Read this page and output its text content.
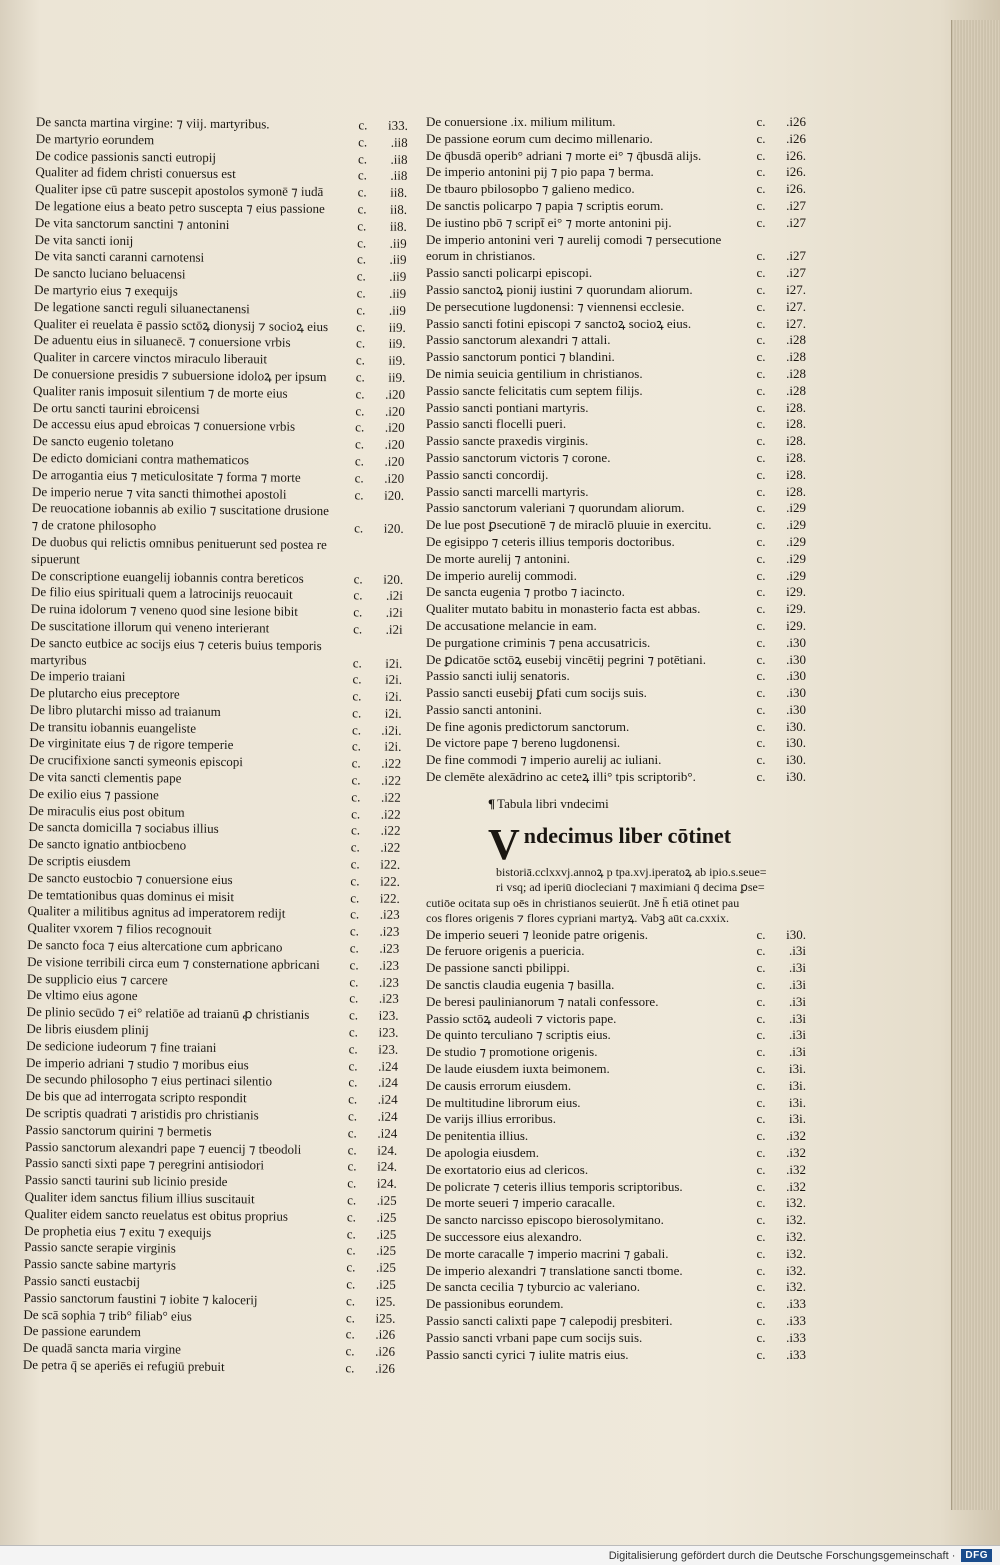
De sancta martina virgine: ⁊ viij. martyribus.	c.	i33.
De martyrio eorundem	c.	.ii8
De codice passionis sancti eutropij	c.	.ii8
Qualiter ad fidem christi conuersus est	c.	.ii8
Qualiter ipse cū patre suscepit apostolos symonē ⁊ iudā	c.	ii8.
De legatione eius a beato petro suscepta ⁊ eius passione	c.	ii8.
De vita sanctorum sanctini ⁊ antonini	c.	ii8.
De vita sancti ionij	c.	.ii9
De vita sancti caranni carnotensi	c.	.ii9
De sancto luciano beluacensi	c.	.ii9
De martyrio eius ⁊ exequijs	c.	.ii9
De legatione sancti reguli siluanectanensi	c.	.ii9
Qualiter ei reuelata ē passio sctōꝝ dionysij ⁊ socioꝝ eius	c.	ii9.
De aduentu eius in siluanecē. ⁊ conuersione vrbis	c.	ii9.
Qualiter in carcere vinctos miraculo liberauit	c.	ii9.
De conuersione presidis ⁊ subuersione idoloꝝ per ipsum	c.	ii9.
Qualiter ranis imposuit silentium ⁊ de morte eius	c.	.i20
De ortu sancti taurini ebroicensi	c.	.i20
De accessu eius apud ebroicas ⁊ conuersione vrbis	c.	.i20
De sancto eugenio toletano	c.	.i20
De edicto domiciani contra mathematicos	c.	.i20
De arrogantia eius ⁊ meticulositate ⁊ forma ⁊ morte	c.	.i20
De imperio nerue ⁊ vita sancti thimothei apostoli	c.	i20.
De reuocatione iobannis ab exilio ⁊ suscitatione drusione
⁊ de cratone philosopho	c.	i20.
De duobus qui relictis omnibus penituerunt sed postea re
sipuerunt
De conscriptione euangelij iobannis contra bereticos	c.	i20.
De filio eius spirituali quem a latrocinijs reuocauit	c.	.i2i
De ruina idolorum ⁊ veneno quod sine lesione bibit	c.	.i2i
De suscitatione illorum qui veneno interierant	c.	.i2i
De sancto eutbice ac socijs eius ⁊ ceteris buius temporis
martyribus	c.	i2i.
De imperio traiani	c.	i2i.
De plutarcho eius preceptore	c.	i2i.
De libro plutarchi misso ad traianum	c.	i2i.
De transitu iobannis euangeliste	c.	.i2i.
De virginitate eius ⁊ de rigore temperie	c.	i2i.
De crucifixione sancti symeonis episcopi	c.	.i22
De vita sancti clementis pape	c.	.i22
De exilio eius ⁊ passione	c.	.i22
De miraculis eius post obitum	c.	.i22
De sancta domicilla ⁊ sociabus illius	c.	.i22
De sancto ignatio antbiocbeno	c.	.i22
De scriptis eiusdem	c.	i22.
De sancto eustocbio ⁊ conuersione eius	c.	i22.
De temtationibus quas dominus ei misit	c.	i22.
Qualiter a militibus agnitus ad imperatorem redijt	c.	.i23
Qualiter vxorem ⁊ filios recognouit	c.	.i23
De sancto foca ⁊ eius altercatione cum apbricano	c.	.i23
De visione terribili circa eum ⁊ consternatione apbricani	c.	.i23
De supplicio eius ⁊ carcere	c.	.i23
De vltimo eius agone	c.	.i23
De plinio secūdo ⁊ ei° relatiōe ad traianū ꝓ christianis	c.	i23.
De libris eiusdem plinij	c.	i23.
De sedicione iudeorum ⁊ fine traiani	c.	i23.
De imperio adriani ⁊ studio ⁊ moribus eius	c.	.i24
De secundo philosopho ⁊ eius pertinaci silentio	c.	.i24
De bis que ad interrogata scripto respondit	c.	.i24
De scriptis quadrati ⁊ aristidis pro christianis	c.	.i24
Passio sanctorum quirini ⁊ bermetis	c.	.i24
Passio sanctorum alexandri pape ⁊ euencij ⁊ tbeodoli	c.	i24.
Passio sancti sixti pape ⁊ peregrini antisiodori	c.	i24.
Passio sancti taurini sub licinio preside	c.	i24.
Qualiter idem sanctus filium illius suscitauit	c.	.i25
Qualiter eidem sancto reuelatus est obitus proprius	c.	.i25
De prophetia eius ⁊ exitu ⁊ exequijs	c.	.i25
Passio sancte serapie virginis	c.	.i25
Passio sancte sabine martyris	c.	.i25
Passio sancti eustacbij	c.	.i25
Passio sanctorum faustini ⁊ iobite ⁊ kalocerij	c.	i25.
De scā sophia ⁊ trib° filiab° eius	c.	i25.
De passione earundem	c.	.i26
De quadā sancta maria virgine	c.	.i26
De petra q̄ se aperiēs ei refugiū prebuit	c.	.i26
De conuersione .ix. milium militum.	c.	.i26
De passione eorum cum decimo millenario.	c.	.i26
De q̄busdā operib° adriani ⁊ morte ei° ⁊ q̄busdā alijs.	c.	i26.
De imperio antonini pij ⁊ pio papa ⁊ berma.	c.	i26.
De tbauro pbilosopbo ⁊ galieno medico.	c.	i26.
De sanctis policarpo ⁊ papia ⁊ scriptis eorum.	c.	.i27
De iustino pbō ⁊ script̄ ei° ⁊ morte antonini pij.	c.	.i27
De imperio antonini veri ⁊ aurelij comodi ⁊ persecutione
eorum in christianos.	c.	.i27
Passio sancti policarpi episcopi.	c.	.i27
Passio sanctoꝝ pionij iustini ⁊ quorundam aliorum.	c.	i27.
De persecutione lugdonensi: ⁊ viennensi ecclesie.	c.	i27.
Passio sancti fotini episcopi ⁊ sanctoꝝ socioꝝ eius.	c.	i27.
Passio sanctorum alexandri ⁊ attali.	c.	.i28
Passio sanctorum pontici ⁊ blandini.	c.	.i28
De nimia seuicia gentilium in christianos.	c.	.i28
Passio sancte felicitatis cum septem filijs.	c.	.i28
Passio sancti pontiani martyris.	c.	i28.
Passio sancti flocelli pueri.	c.	i28.
Passio sancte praxedis virginis.	c.	i28.
Passio sanctorum victoris ⁊ corone.	c.	i28.
Passio sancti concordij.	c.	i28.
Passio sancti marcelli martyris.	c.	i28.
Passio sanctorum valeriani ⁊ quorundam aliorum.	c.	.i29
De lue post ꝑsecutionē ⁊ de miraclō pluuie in exercitu.	c.	.i29
De egisippo ⁊ ceteris illius temporis doctoribus.	c.	.i29
De morte aurelij ⁊ antonini.	c.	.i29
De imperio aurelij commodi.	c.	.i29
De sancta eugenia ⁊ protbo ⁊ iacincto.	c.	i29.
Qualiter mutato babitu in monasterio facta est abbas.	c.	i29.
De accusatione melancie in eam.	c.	i29.
De purgatione criminis ⁊ pena accusatricis.	c.	.i30
De ꝑdicatōe sctōꝝ eusebij vincētij pegrini ⁊ potētiani.	c.	.i30
Passio sancti iulij senatoris.	c.	.i30
Passio sancti eusebij ꝑfati cum socijs suis.	c.	.i30
Passio sancti antonini.	c.	.i30
De fine agonis predictorum sanctorum.	c.	i30.
De victore pape ⁊ bereno lugdonensi.	c.	i30.
De fine commodi ⁊ imperio aurelij ac iuliani.	c.	i30.
De clemēte alexādrino ac ceteꝝ illi° tpis scriptorib°.	c.	i30.
¶ Tabula libri vndecimi
V ndecimus liber cōtinet
bistoriā.cclxxvj.annoꝝ p tpa.xvj.iperatoꝝ ab ipio.s.seue=
ri vsq; ad iperiū diocleciani ⁊ maximiani q̄ decima ꝑse=
cutiōe ocitata sup oēs in christianos seuierūt. Jnē h̄ etiā otinet pau
cos flores origenis ⁊ flores cypriani martyꝝ. Vabꝫ aūt ca.cxxix.
De imperio seueri ⁊ leonide patre origenis.	c.	i30.
De feruore origenis a puericia.	c.	.i3i
De passione sancti pbilippi.	c.	.i3i
De sanctis claudia eugenia ⁊ basilla.	c.	.i3i
De beresi paulinianorum ⁊ natali confessore.	c.	.i3i
Passio sctōꝝ audeoli ⁊ victoris pape.	c.	.i3i
De quinto terculiano ⁊ scriptis eius.	c.	.i3i
De studio ⁊ promotione origenis.	c.	.i3i
De laude eiusdem iuxta beimonem.	c.	i3i.
De causis errorum eiusdem.	c.	i3i.
De multitudine librorum eius.	c.	i3i.
De varijs illius erroribus.	c.	i3i.
De penitentia illius.	c.	.i32
De apologia eiusdem.	c.	.i32
De exortatorio eius ad clericos.	c.	.i32
De policrate ⁊ ceteris illius temporis scriptoribus.	c.	.i32
De morte seueri ⁊ imperio caracalle.	c.	i32.
De sancto narcisso episcopo bierosolymitano.	c.	i32.
De successore eius alexandro.	c.	i32.
De morte caracalle ⁊ imperio macrini ⁊ gabali.	c.	i32.
De imperio alexandri ⁊ translatione sancti tbome.	c.	i32.
De sancta cecilia ⁊ tyburcio ac valeriano.	c.	i32.
De passionibus eorundem.	c.	.i33
Passio sancti calixti pape ⁊ calepodij presbiteri.	c.	.i33
Passio sancti vrbani pape cum socijs suis.	c.	.i33
Passio sancti cyrici ⁊ iulite matris eius.	c.	.i33
Digitalisierung gefördert durch die Deutsche Forschungsgemeinschaft ·	DFG
